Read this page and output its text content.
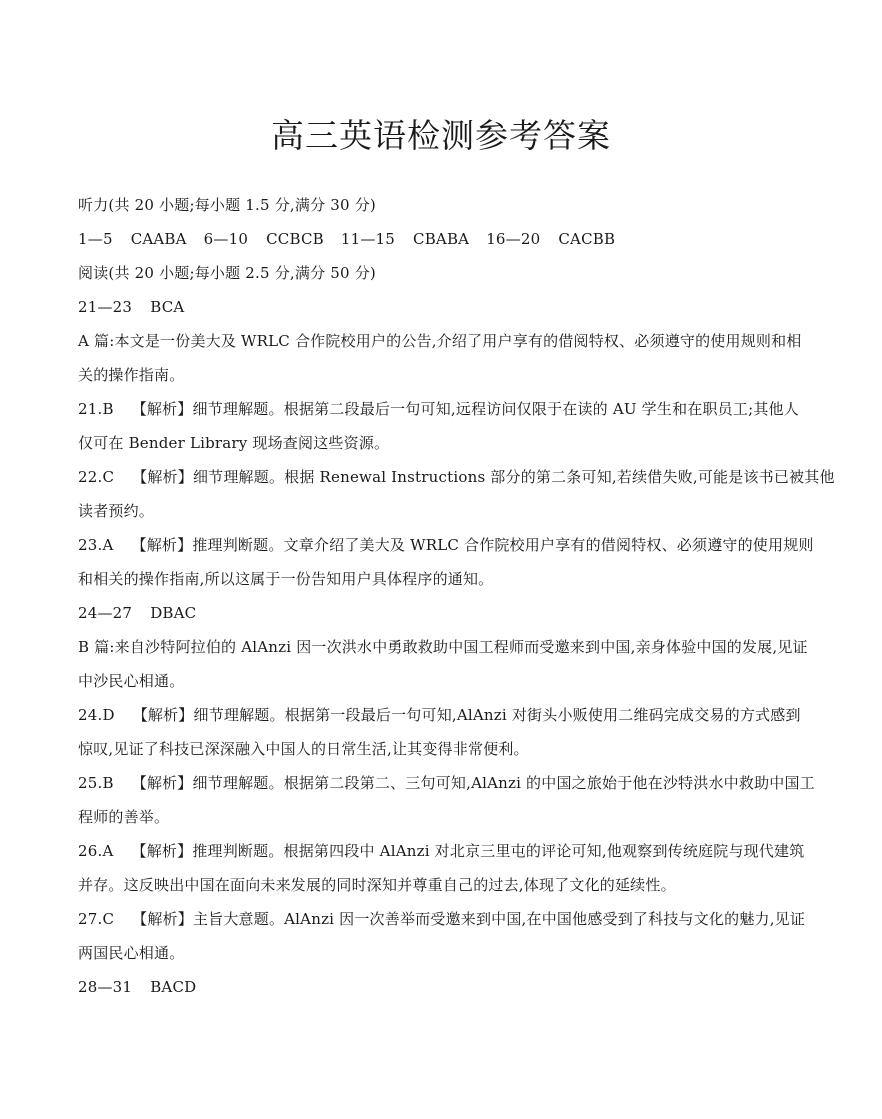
高三英语检测参考答案
听力(共 20 小题;每小题 1.5 分,满分 30 分)
1—5 CAABA 6—10 CCBCB 11—15 CBABA 16—20 CACBB
阅读(共 20 小题;每小题 2.5 分,满分 50 分)
21—23 BCA
A 篇:本文是一份美大及 WRLC 合作院校用户的公告,介绍了用户享有的借阅特权、必须遵守的使用规则和相
关的操作指南。
21.B 【解析】细节理解题。根据第二段最后一句可知,远程访问仅限于在读的 AU 学生和在职员工;其他人
仅可在 Bender Library 现场查阅这些资源。
22.C 【解析】细节理解题。根据 Renewal Instructions 部分的第二条可知,若续借失败,可能是该书已被其他
读者预约。
23.A 【解析】推理判断题。文章介绍了美大及 WRLC 合作院校用户享有的借阅特权、必须遵守的使用规则
和相关的操作指南,所以这属于一份告知用户具体程序的通知。
24—27 DBAC
B 篇:来自沙特阿拉伯的 AlAnzi 因一次洪水中勇敢救助中国工程师而受邀来到中国,亲身体验中国的发展,见证
中沙民心相通。
24.D 【解析】细节理解题。根据第一段最后一句可知,AlAnzi 对街头小贩使用二维码完成交易的方式感到
惊叹,见证了科技已深深融入中国人的日常生活,让其变得非常便利。
25.B 【解析】细节理解题。根据第二段第二、三句可知,AlAnzi 的中国之旅始于他在沙特洪水中救助中国工
程师的善举。
26.A 【解析】推理判断题。根据第四段中 AlAnzi 对北京三里屯的评论可知,他观察到传统庭院与现代建筑
并存。这反映出中国在面向未来发展的同时深知并尊重自己的过去,体现了文化的延续性。
27.C 【解析】主旨大意题。AlAnzi 因一次善举而受邀来到中国,在中国他感受到了科技与文化的魅力,见证
两国民心相通。
28—31 BACD
